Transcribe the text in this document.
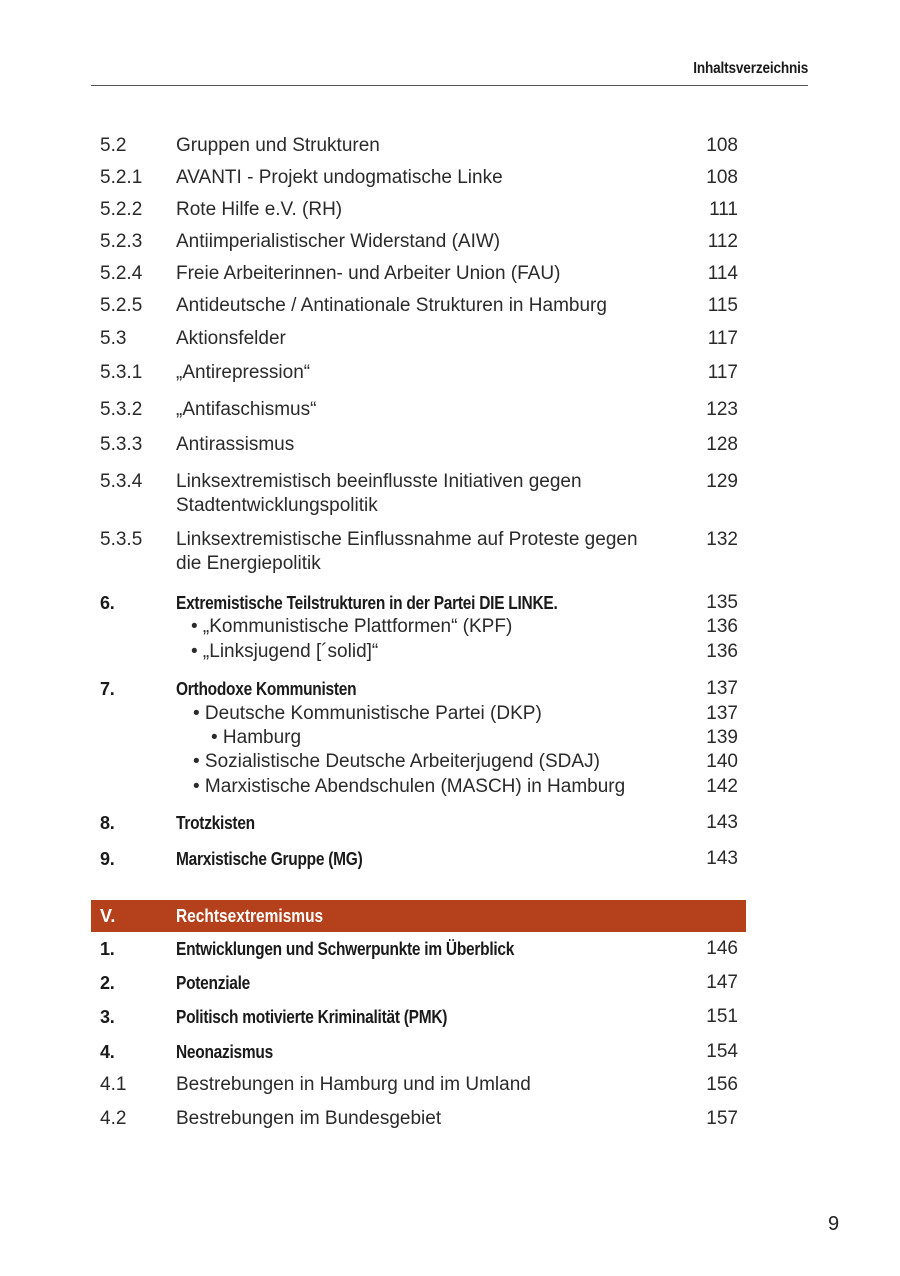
Inhaltsverzeichnis
5.2	Gruppen und Strukturen	108
5.2.1 AVANTI - Projekt undogmatische Linke	108
5.2.2 Rote Hilfe e.V. (RH)	111
5.2.3 Antiimperialistischer Widerstand (AIW)	112
5.2.4 Freie Arbeiterinnen- und Arbeiter Union (FAU)	114
5.2.5 Antideutsche / Antinationale Strukturen in Hamburg	115
5.3	Aktionsfelder	117
5.3.1 „Antirepression“	117
5.3.2 „Antifaschismus“	123
5.3.3 Antirassismus	128
5.3.4 Linksextremistisch beeinflusste Initiativen gegen	129
Stadtentwicklungspolitik
5.3.5 Linksextremistische Einflussnahme auf Proteste gegen	132
die Energiepolitik
6.	Extremistische Teilstrukturen in der Partei DIE LINKE.	135
• „Kommunistische Plattformen“ (KPF)	136
• „Linksjugend [´solid]“	136
7.	Orthodoxe Kommunisten	137
• Deutsche Kommunistische Partei (DKP)	137
• Hamburg	139
• Sozialistische Deutsche Arbeiterjugend (SDAJ)	140
• Marxistische Abendschulen (MASCH) in Hamburg	142
8.	Trotzkisten	143
9.	Marxistische Gruppe (MG)	143
V.	Rechtsextremismus
1.	Entwicklungen und Schwerpunkte im Überblick	146
2.	Potenziale	147
3.	Politisch motivierte Kriminalität (PMK)	151
4.	Neonazismus	154
4.1	Bestrebungen in Hamburg und im Umland	156
4.2	Bestrebungen im Bundesgebiet	157
9
